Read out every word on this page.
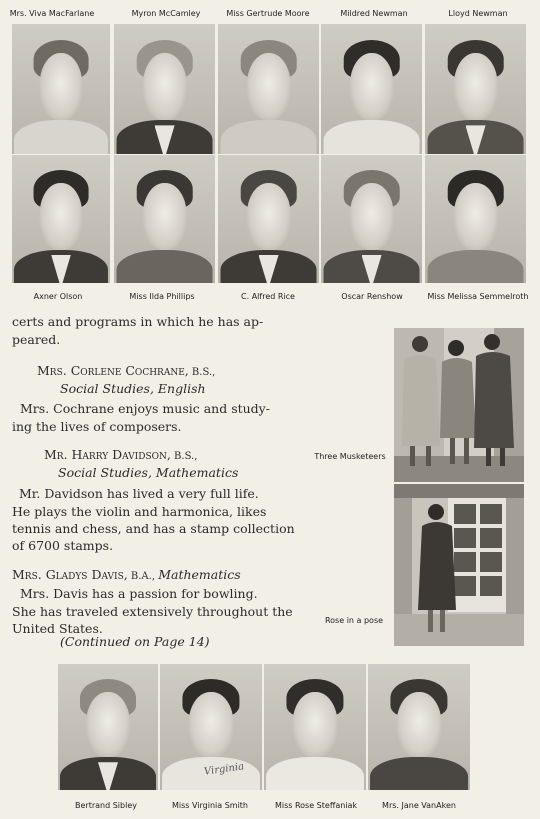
Mrs. Viva MacFarlane	Myron McCamley	Miss Gertrude Moore	Mildred Newman	Lloyd Newman
Axner Olson	Miss Ilda Phillips	C. Alfred Rice	Oscar Renshow	Miss Melissa Semmelroth
certs and programs in which he has ap-
peared.
Mrs. Corlene Cochrane, B.S.,
Social Studies, English
Mrs. Cochrane enjoys music and study-
ing the lives of composers.
Mr. Harry Davidson, B.S.,
Social Studies, Mathematics
Mr. Davidson has lived a very full life.
He plays the violin and harmonica, likes
tennis and chess, and has a stamp collection
of 6700 stamps.
Mrs. Gladys Davis, B.A., Mathematics
Mrs. Davis has a passion for bowling.
She has traveled extensively throughout the
United States.
(Continued on Page 14)
Three Musketeers
Rose in a pose
Virginia
Bertrand Sibley	Miss Virginia Smith	Miss Rose Steffaniak	Mrs. Jane VanAken
